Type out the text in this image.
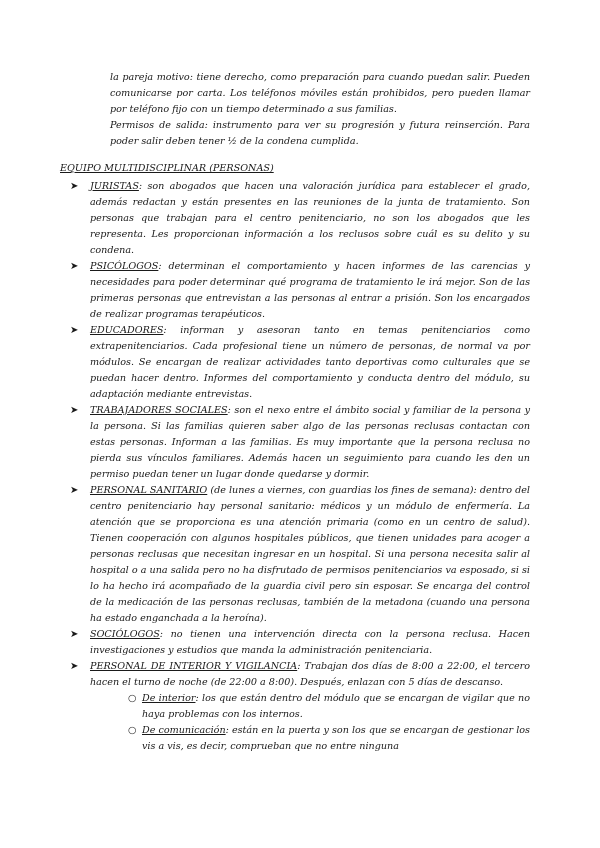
la pareja motivo: tiene derecho, como preparación para cuando puedan salir. Pueden comunicarse por carta. Los teléfonos móviles están prohibidos, pero pueden llamar por teléfono fijo con un tiempo determinado a sus familias.

Permisos de salida: instrumento para ver su progresión y futura reinserción. Para poder salir deben tener ½ de la condena cumplida.

EQUIPO MULTIDISCIPLINAR (PERSONAS)
➤ JURISTAS: son abogados que hacen una valoración jurídica para establecer el grado, además redactan y están presentes en las reuniones de la junta de tratamiento. Son personas que trabajan para el centro penitenciario, no son los abogados que les representa. Les proporcionan información a los reclusos sobre cuál es su delito y su condena.
➤ PSICÓLOGOS: determinan el comportamiento y hacen informes de las carencias y necesidades para poder determinar qué programa de tratamiento le irá mejor. Son de las primeras personas que entrevistan a las personas al entrar a prisión. Son los encargados de realizar programas terapéuticos.
➤ EDUCADORES: informan y asesoran tanto en temas penitenciarios como extrapenitenciarios. Cada profesional tiene un número de personas, de normal va por módulos. Se encargan de realizar actividades tanto deportivas como culturales que se puedan hacer dentro. Informes del comportamiento y conducta dentro del módulo, su adaptación mediante entrevistas.
➤ TRABAJADORES SOCIALES: son el nexo entre el ámbito social y familiar de la persona y la persona. Si las familias quieren saber algo de las personas reclusas contactan con estas personas. Informan a las familias. Es muy importante que la persona reclusa no pierda sus vínculos familiares. Además hacen un seguimiento para cuando les den un permiso puedan tener un lugar donde quedarse y dormir.
➤ PERSONAL SANITARIO (de lunes a viernes, con guardias los fines de semana): dentro del centro penitenciario hay personal sanitario: médicos y un módulo de enfermería. La atención que se proporciona es una atención primaria (como en un centro de salud). Tienen cooperación con algunos hospitales públicos, que tienen unidades para acoger a personas reclusas que necesitan ingresar en un hospital. Si una persona necesita salir al hospital o a una salida pero no ha disfrutado de permisos penitenciarios va esposado, si si lo ha hecho irá acompañado de la guardia civil pero sin esposar. Se encarga del control de la medicación de las personas reclusas, también de la metadona (cuando una persona ha estado enganchada a la heroína).
➤ SOCIÓLOGOS: no tienen una intervención directa con la persona reclusa. Hacen investigaciones y estudios que manda la administración penitenciaria.
➤ PERSONAL DE INTERIOR Y VIGILANCIA: Trabajan dos días de 8:00 a 22:00, el tercero hacen el turno de noche (de 22:00 a 8:00). Después, enlazan con 5 días de descanso.
○ De interior: los que están dentro del módulo que se encargan de vigilar que no haya problemas con los internos.
○ De comunicación: están en la puerta y son los que se encargan de gestionar los vis a vis, es decir, comprueban que no entre ninguna
